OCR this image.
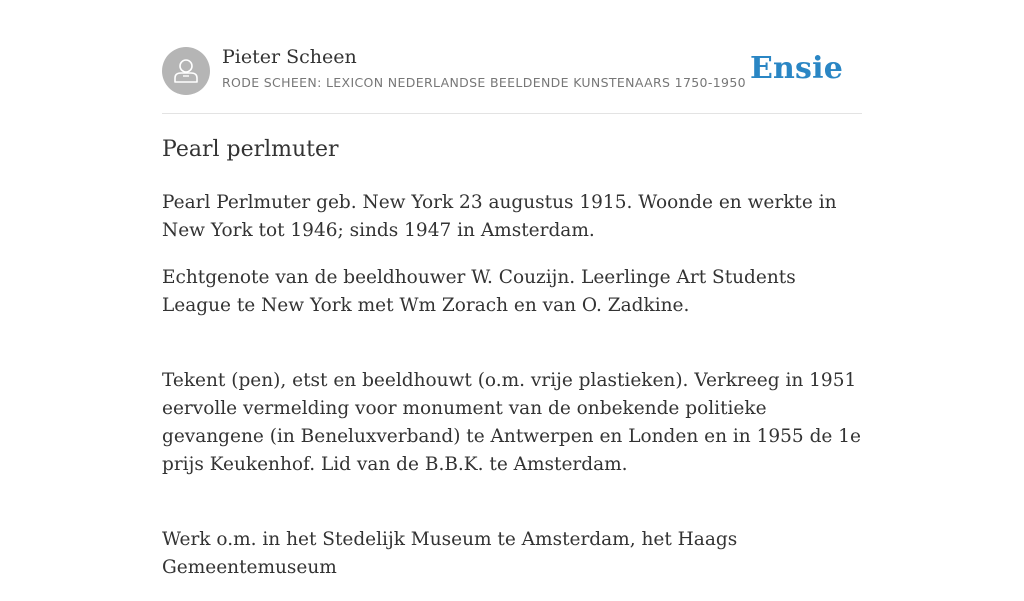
Pieter Scheen
RODE SCHEEN: LEXICON NEDERLANDSE BEELDENDE KUNSTENAARS 1750-1950 Ensie
Pearl perlmuter

Pearl Perlmuter geb. New York 23 augustus 1915. Woonde en werkte in New York tot 1946; sinds 1947 in Amsterdam.

Echtgenote van de beeldhouwer W. Couzijn. Leerlinge Art Students League te New York met Wm Zorach en van O. Zadkine.

Tekent (pen), etst en beeldhouwt (o.m. vrije plastieken). Verkreeg in 1951 eervolle vermelding voor monument van de onbekende politieke gevangene (in Beneluxverband) te Antwerpen en Londen en in 1955 de 1e prijs Keukenhof. Lid van de B.B.K. te Amsterdam.

Werk o.m. in het Stedelijk Museum te Amsterdam, het Haags Gemeentemuseum
